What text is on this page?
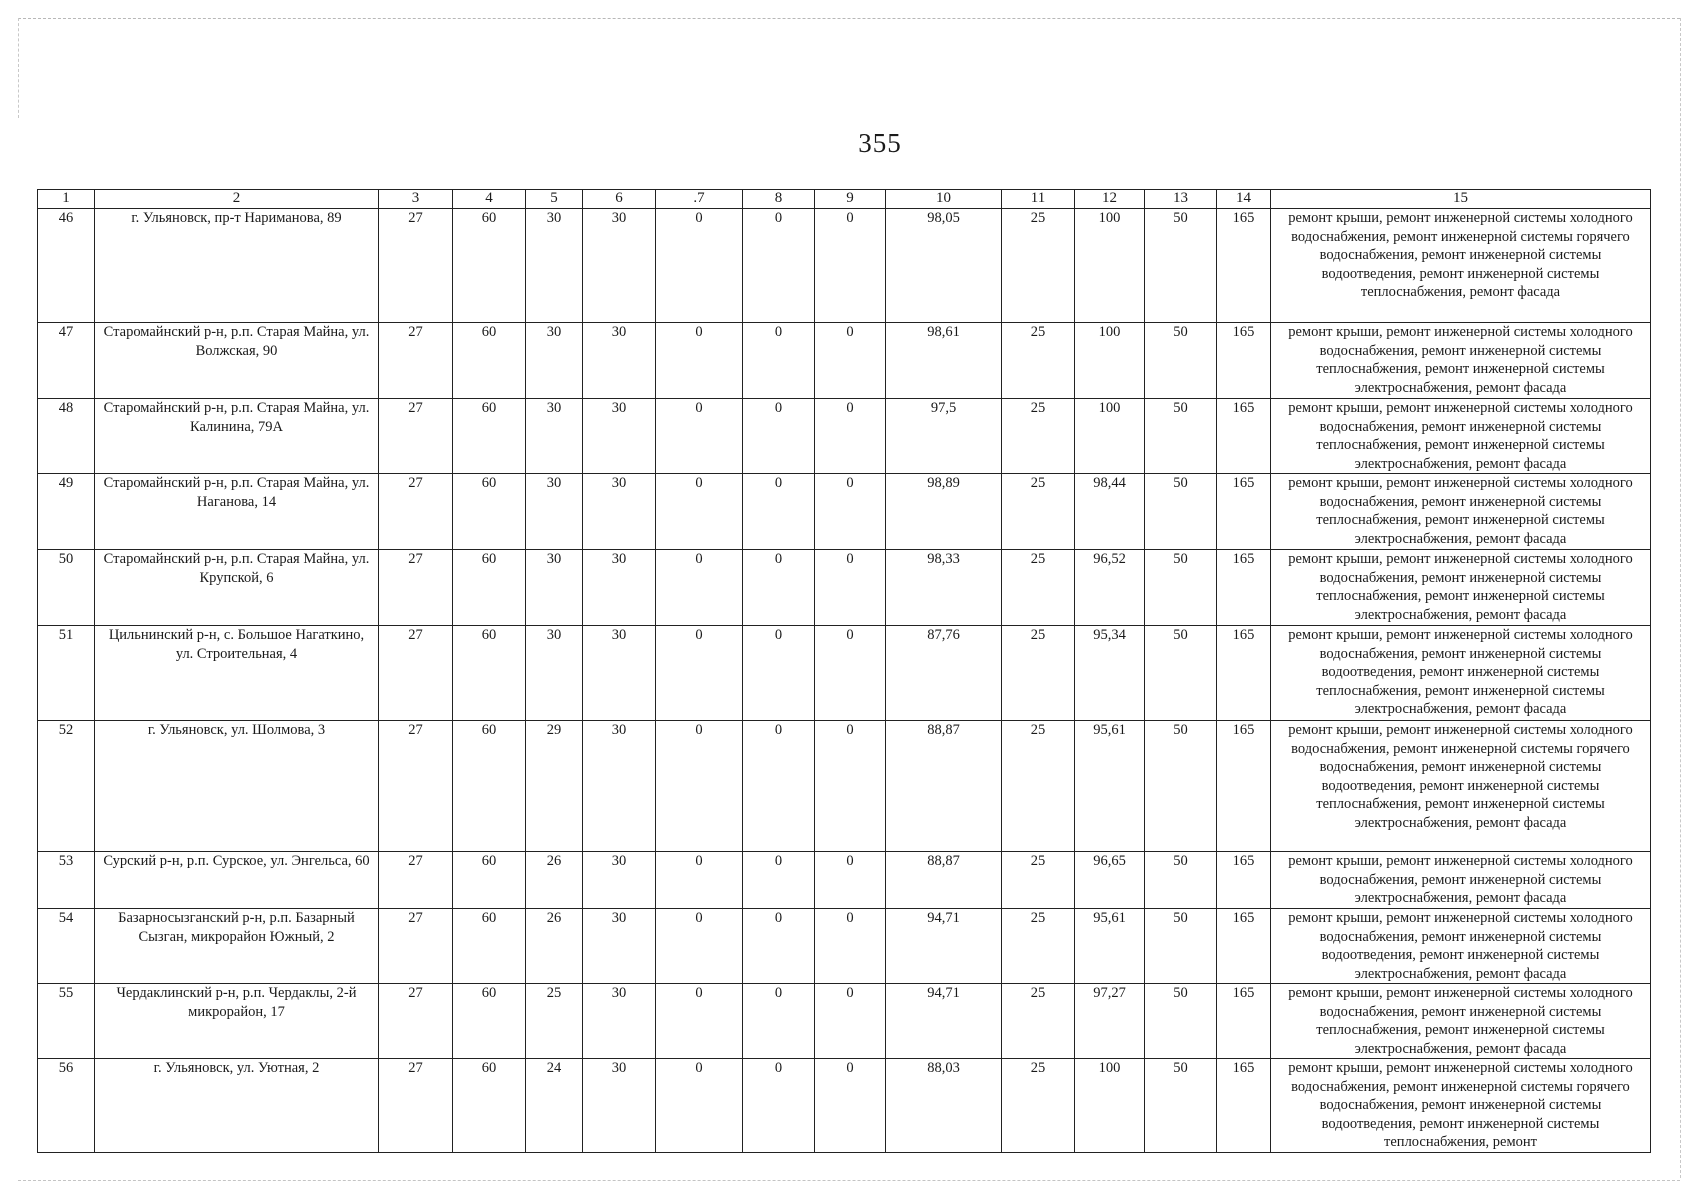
355
1	2	3	4	5	6	.7	8	9	10	11	12	13	14	15
46	г. Ульяновск, пр-т Нариманова, 89	27	60	30	30	0	0	0	98,05	25	100	50	165	ремонт крыши, ремонт инженерной системы холодного водоснабжения, ремонт инженерной системы горячего водоснабжения, ремонт инженерной системы водоотведения, ремонт инженерной системы теплоснабжения, ремонт фасада
47	Старомайнский р-н, р.п. Старая Майна, ул. Волжская, 90	27	60	30	30	0	0	0	98,61	25	100	50	165	ремонт крыши, ремонт инженерной системы холодного водоснабжения, ремонт инженерной системы теплоснабжения, ремонт инженерной системы электроснабжения, ремонт фасада
48	Старомайнский р-н, р.п. Старая Майна, ул. Калинина, 79А	27	60	30	30	0	0	0	97,5	25	100	50	165	ремонт крыши, ремонт инженерной системы холодного водоснабжения, ремонт инженерной системы теплоснабжения, ремонт инженерной системы электроснабжения, ремонт фасада
49	Старомайнский р-н, р.п. Старая Майна, ул. Наганова, 14	27	60	30	30	0	0	0	98,89	25	98,44	50	165	ремонт крыши, ремонт инженерной системы холодного водоснабжения, ремонт инженерной системы теплоснабжения, ремонт инженерной системы электроснабжения, ремонт фасада
50	Старомайнский р-н, р.п. Старая Майна, ул. Крупской, 6	27	60	30	30	0	0	0	98,33	25	96,52	50	165	ремонт крыши, ремонт инженерной системы холодного водоснабжения, ремонт инженерной системы теплоснабжения, ремонт инженерной системы электроснабжения, ремонт фасада
51	Цильнинский р-н, с. Большое Нагаткино, ул. Строительная, 4	27	60	30	30	0	0	0	87,76	25	95,34	50	165	ремонт крыши, ремонт инженерной системы холодного водоснабжения, ремонт инженерной системы водоотведения, ремонт инженерной системы теплоснабжения, ремонт инженерной системы электроснабжения, ремонт фасада
52	г. Ульяновск, ул. Шолмова, 3	27	60	29	30	0	0	0	88,87	25	95,61	50	165	ремонт крыши, ремонт инженерной системы холодного водоснабжения, ремонт инженерной системы горячего водоснабжения, ремонт инженерной системы водоотведения, ремонт инженерной системы теплоснабжения, ремонт инженерной системы электроснабжения, ремонт фасада
53	Сурский р-н, р.п. Сурское, ул. Энгельса, 60	27	60	26	30	0	0	0	88,87	25	96,65	50	165	ремонт крыши, ремонт инженерной системы холодного водоснабжения, ремонт инженерной системы электроснабжения, ремонт фасада
54	Базарносызганский р-н, р.п. Базарный Сызган, микрорайон Южный, 2	27	60	26	30	0	0	0	94,71	25	95,61	50	165	ремонт крыши, ремонт инженерной системы холодного водоснабжения, ремонт инженерной системы водоотведения, ремонт инженерной системы электроснабжения, ремонт фасада
55	Чердаклинский р-н, р.п. Чердаклы, 2-й микрорайон, 17	27	60	25	30	0	0	0	94,71	25	97,27	50	165	ремонт крыши, ремонт инженерной системы холодного водоснабжения, ремонт инженерной системы теплоснабжения, ремонт инженерной системы электроснабжения, ремонт фасада
56	г. Ульяновск, ул. Уютная, 2	27	60	24	30	0	0	0	88,03	25	100	50	165	ремонт крыши, ремонт инженерной системы холодного водоснабжения, ремонт инженерной системы горячего водоснабжения, ремонт инженерной системы водоотведения, ремонт инженерной системы теплоснабжения, ремонт
